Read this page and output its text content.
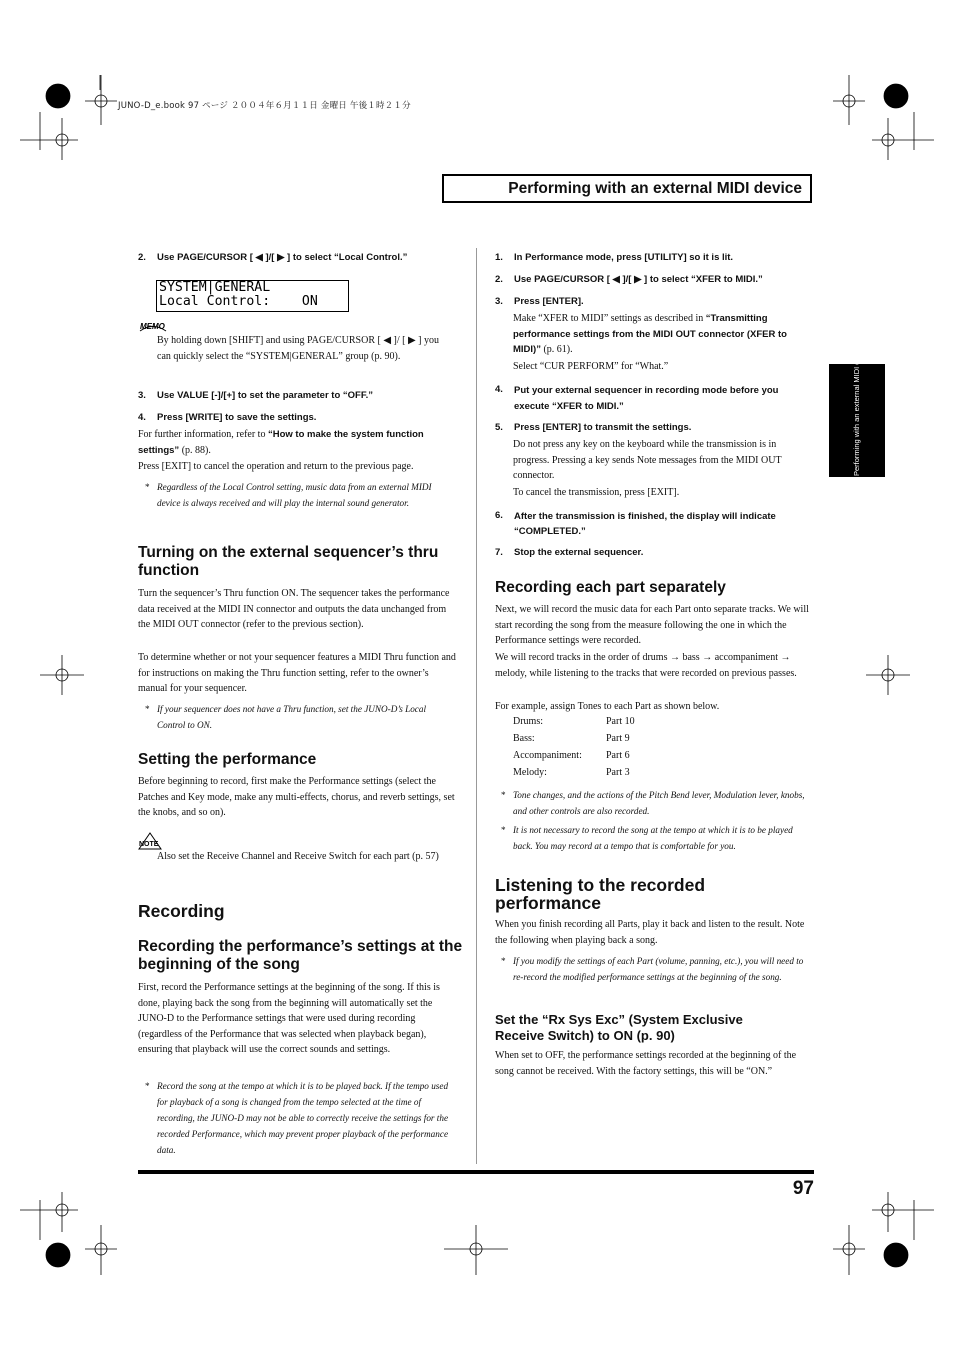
JUNO-D_e.book 97 ページ ２００４年６月１１日 金曜日 午後１時２１分
Performing with an external MIDI device
Performing with an external MIDI device
2. Use PAGE/CURSOR [ ◀ ]/[ ▶ ] to select “Local Control.”
SYSTEM|GENERAL
Local Control:    ON
MEMO
By holding down [SHIFT] and using PAGE/CURSOR [ ◀ ]/ [ ▶ ] you can quickly select the “SYSTEM|GENERAL” group (p. 90).
3. Use VALUE [-]/[+] to set the parameter to “OFF.”
4. Press [WRITE] to save the settings.
For further information, refer to “How to make the system function settings” (p. 88).
Press [EXIT] to cancel the operation and return to the previous page.
* Regardless of the Local Control setting, music data from an external MIDI device is always received and will play the internal sound generator.
Turning on the external sequencer’s thru function
Turn the sequencer’s Thru function ON. The sequencer takes the performance data received at the MIDI IN connector and outputs the data unchanged from the MIDI OUT connector (refer to the previous section).
To determine whether or not your sequencer features a MIDI Thru function and for instructions on making the Thru function setting, refer to the owner’s manual for your sequencer.
* If your sequencer does not have a Thru function, set the JUNO-D’s Local Control to ON.
Setting the performance
Before beginning to record, first make the Performance settings (select the Patches and Key mode, make any multi-effects, chorus, and reverb settings, set the knobs, and so on).
NOTE
Also set the Receive Channel and Receive Switch for each part (p. 57)
Recording
Recording the performance’s settings at the beginning of the song
First, record the Performance settings at the beginning of the song. If this is done, playing back the song from the beginning will automatically set the JUNO-D to the Performance settings that were used during recording (regardless of the Performance that was selected when playback began), ensuring that playback will use the correct sounds and settings.
* Record the song at the tempo at which it is to be played back. If the tempo used for playback of a song is changed from the tempo selected at the time of recording, the JUNO-D may not be able to correctly receive the settings for the recorded Performance, which may prevent proper playback of the performance data.
1. In Performance mode, press [UTILITY] so it is lit.
2. Use PAGE/CURSOR [ ◀ ]/[ ▶ ] to select “XFER to MIDI.”
3. Press [ENTER].
Make “XFER to MIDI” settings as described in “Transmitting performance settings from the MIDI OUT connector (XFER to MIDI)” (p. 61).
Select “CUR PERFORM” for “What.”
4. Put your external sequencer in recording mode before you execute “XFER to MIDI.”
5. Press [ENTER] to transmit the settings.
Do not press any key on the keyboard while the transmission is in progress. Pressing a key sends Note messages from the MIDI OUT connector.
To cancel the transmission, press [EXIT].
6. After the transmission is finished, the display will indicate “COMPLETED.”
7. Stop the external sequencer.
Recording each part separately
Next, we will record the music data for each Part onto separate tracks. We will start recording the song from the measure following the one in which the Performance settings were recorded.
We will record tracks in the order of drums → bass → accompaniment → melody, while listening to the tracks that were recorded on previous passes.
For example, assign Tones to each Part as shown below.
Drums:	Part 10
Bass:	Part 9
Accompaniment:	Part 6
Melody:	Part 3
* Tone changes, and the actions of the Pitch Bend lever, Modulation lever, knobs, and other controls are also recorded.
* It is not necessary to record the song at the tempo at which it is to be played back. You may record at a tempo that is comfortable for you.
Listening to the recorded performance
When you finish recording all Parts, play it back and listen to the result. Note the following when playing back a song.
* If you modify the settings of each Part (volume, panning, etc.), you will need to re-record the modified performance settings at the beginning of the song.
Set the “Rx Sys Exc” (System Exclusive Receive Switch) to ON (p. 90)
When set to OFF, the performance settings recorded at the beginning of the song cannot be received. With the factory settings, this will be “ON.”
97
